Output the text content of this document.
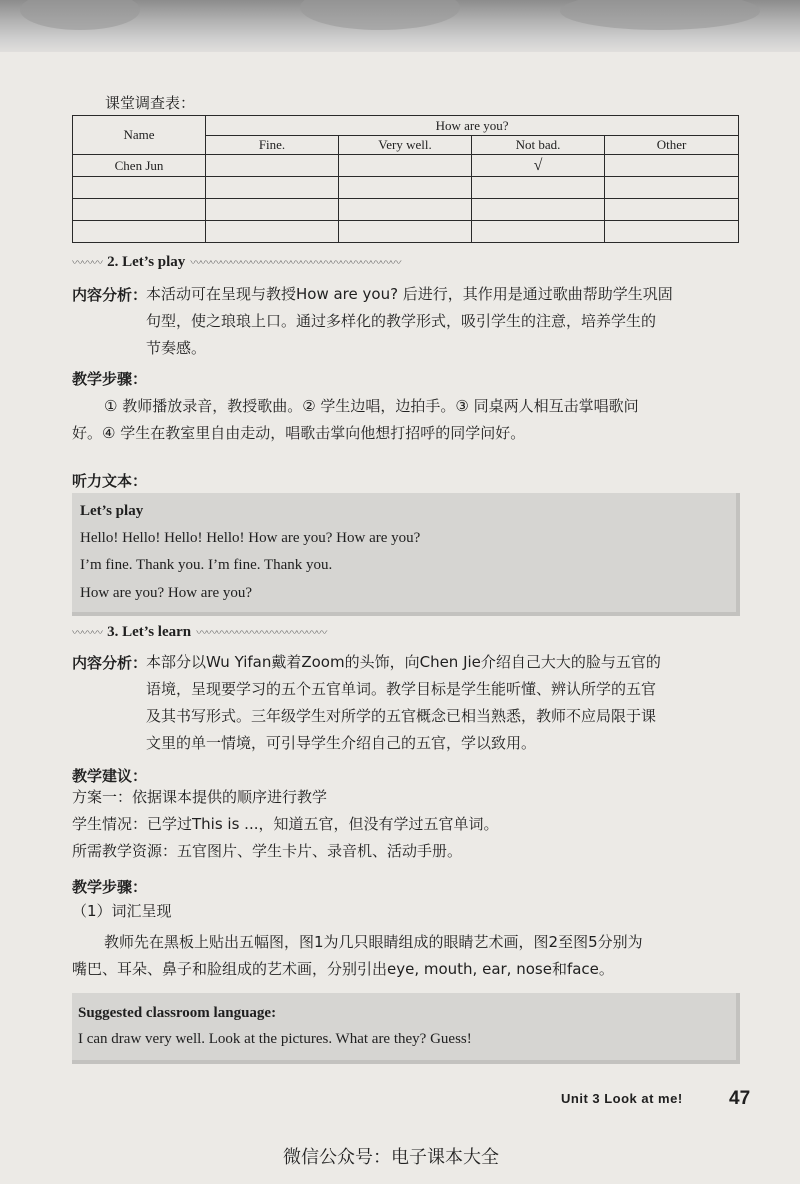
课堂调查表：
Name	How are you?			
	Fine.	Very well.	Not bad.	Other
Chen Jun			√	

〰〰〰 2. Let’s play 〰〰〰〰〰〰〰〰〰〰〰〰〰〰〰〰〰〰〰〰〰
内容分析：
本活动可在呈现与教授How are you? 后进行，其作用是通过歌曲帮助学生巩固
句型，使之琅琅上口。通过多样化的教学形式，吸引学生的注意，培养学生的
节奏感。
教学步骤：
① 教师播放录音，教授歌曲。② 学生边唱，边拍手。③ 同桌两人相互击掌唱歌问
好。④ 学生在教室里自由走动，唱歌击掌向他想打招呼的同学问好。
听力文本：
Let’s play
Hello! Hello! Hello! Hello! How are you? How are you?
I’m fine. Thank you. I’m fine. Thank you.
How are you? How are you?
〰〰〰 3. Let’s learn 〰〰〰〰〰〰〰〰〰〰〰〰〰
内容分析：
本部分以Wu Yifan戴着Zoom的头饰，向Chen Jie介绍自己大大的脸与五官的
语境，呈现要学习的五个五官单词。教学目标是学生能听懂、辨认所学的五官
及其书写形式。三年级学生对所学的五官概念已相当熟悉，教师不应局限于课
文里的单一情境，可引导学生介绍自己的五官，学以致用。
教学建议：
方案一：依据课本提供的顺序进行教学
学生情况：已学过This is ...，知道五官，但没有学过五官单词。
所需教学资源：五官图片、学生卡片、录音机、活动手册。
教学步骤：
（1）词汇呈现
教师先在黑板上贴出五幅图，图1为几只眼睛组成的眼睛艺术画，图2至图5分别为
嘴巴、耳朵、鼻子和脸组成的艺术画，分别引出eye, mouth, ear, nose和face。
Suggested classroom language:
I can draw very well. Look at the pictures. What are they? Guess!
Unit 3 Look at me! 47
微信公众号：电子课本大全
